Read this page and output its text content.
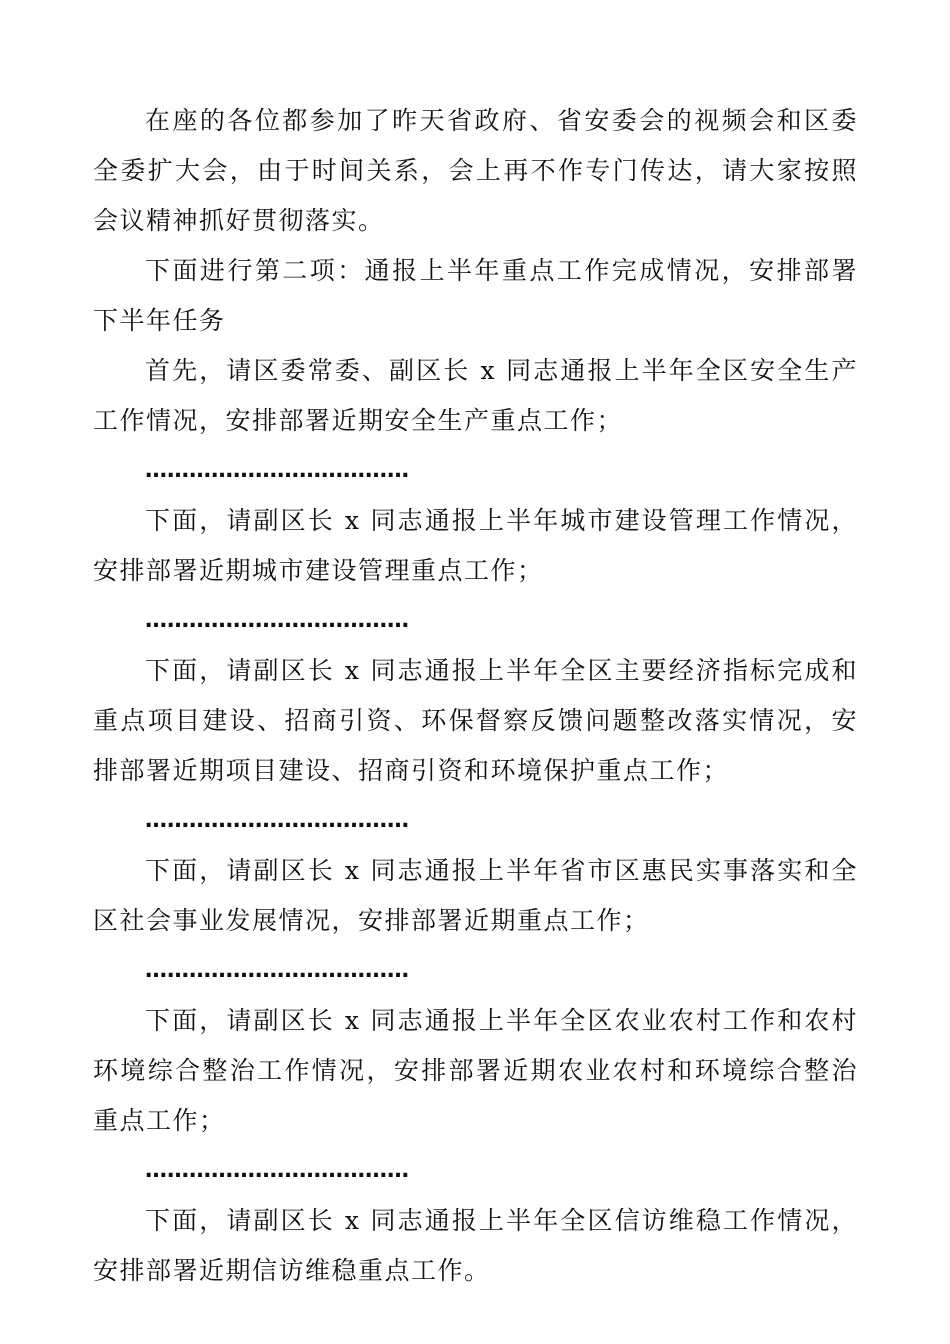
在座的各位都参加了昨天省政府、省安委会的视频会和区委全委扩大会，由于时间关系，会上再不作专门传达，请大家按照会议精神抓好贯彻落实。

下面进行第二项：通报上半年重点工作完成情况，安排部署下半年任务

首先，请区委常委、副区长 x 同志通报上半年全区安全生产工作情况，安排部署近期安全生产重点工作；

………………………………

下面，请副区长 x 同志通报上半年城市建设管理工作情况，安排部署近期城市建设管理重点工作；

………………………………

下面，请副区长 x 同志通报上半年全区主要经济指标完成和重点项目建设、招商引资、环保督察反馈问题整改落实情况，安排部署近期项目建设、招商引资和环境保护重点工作；

………………………………

下面，请副区长 x 同志通报上半年省市区惠民实事落实和全区社会事业发展情况，安排部署近期重点工作；

………………………………

下面，请副区长 x 同志通报上半年全区农业农村工作和农村环境综合整治工作情况，安排部署近期农业农村和环境综合整治重点工作；

………………………………

下面，请副区长 x 同志通报上半年全区信访维稳工作情况，安排部署近期信访维稳重点工作。
